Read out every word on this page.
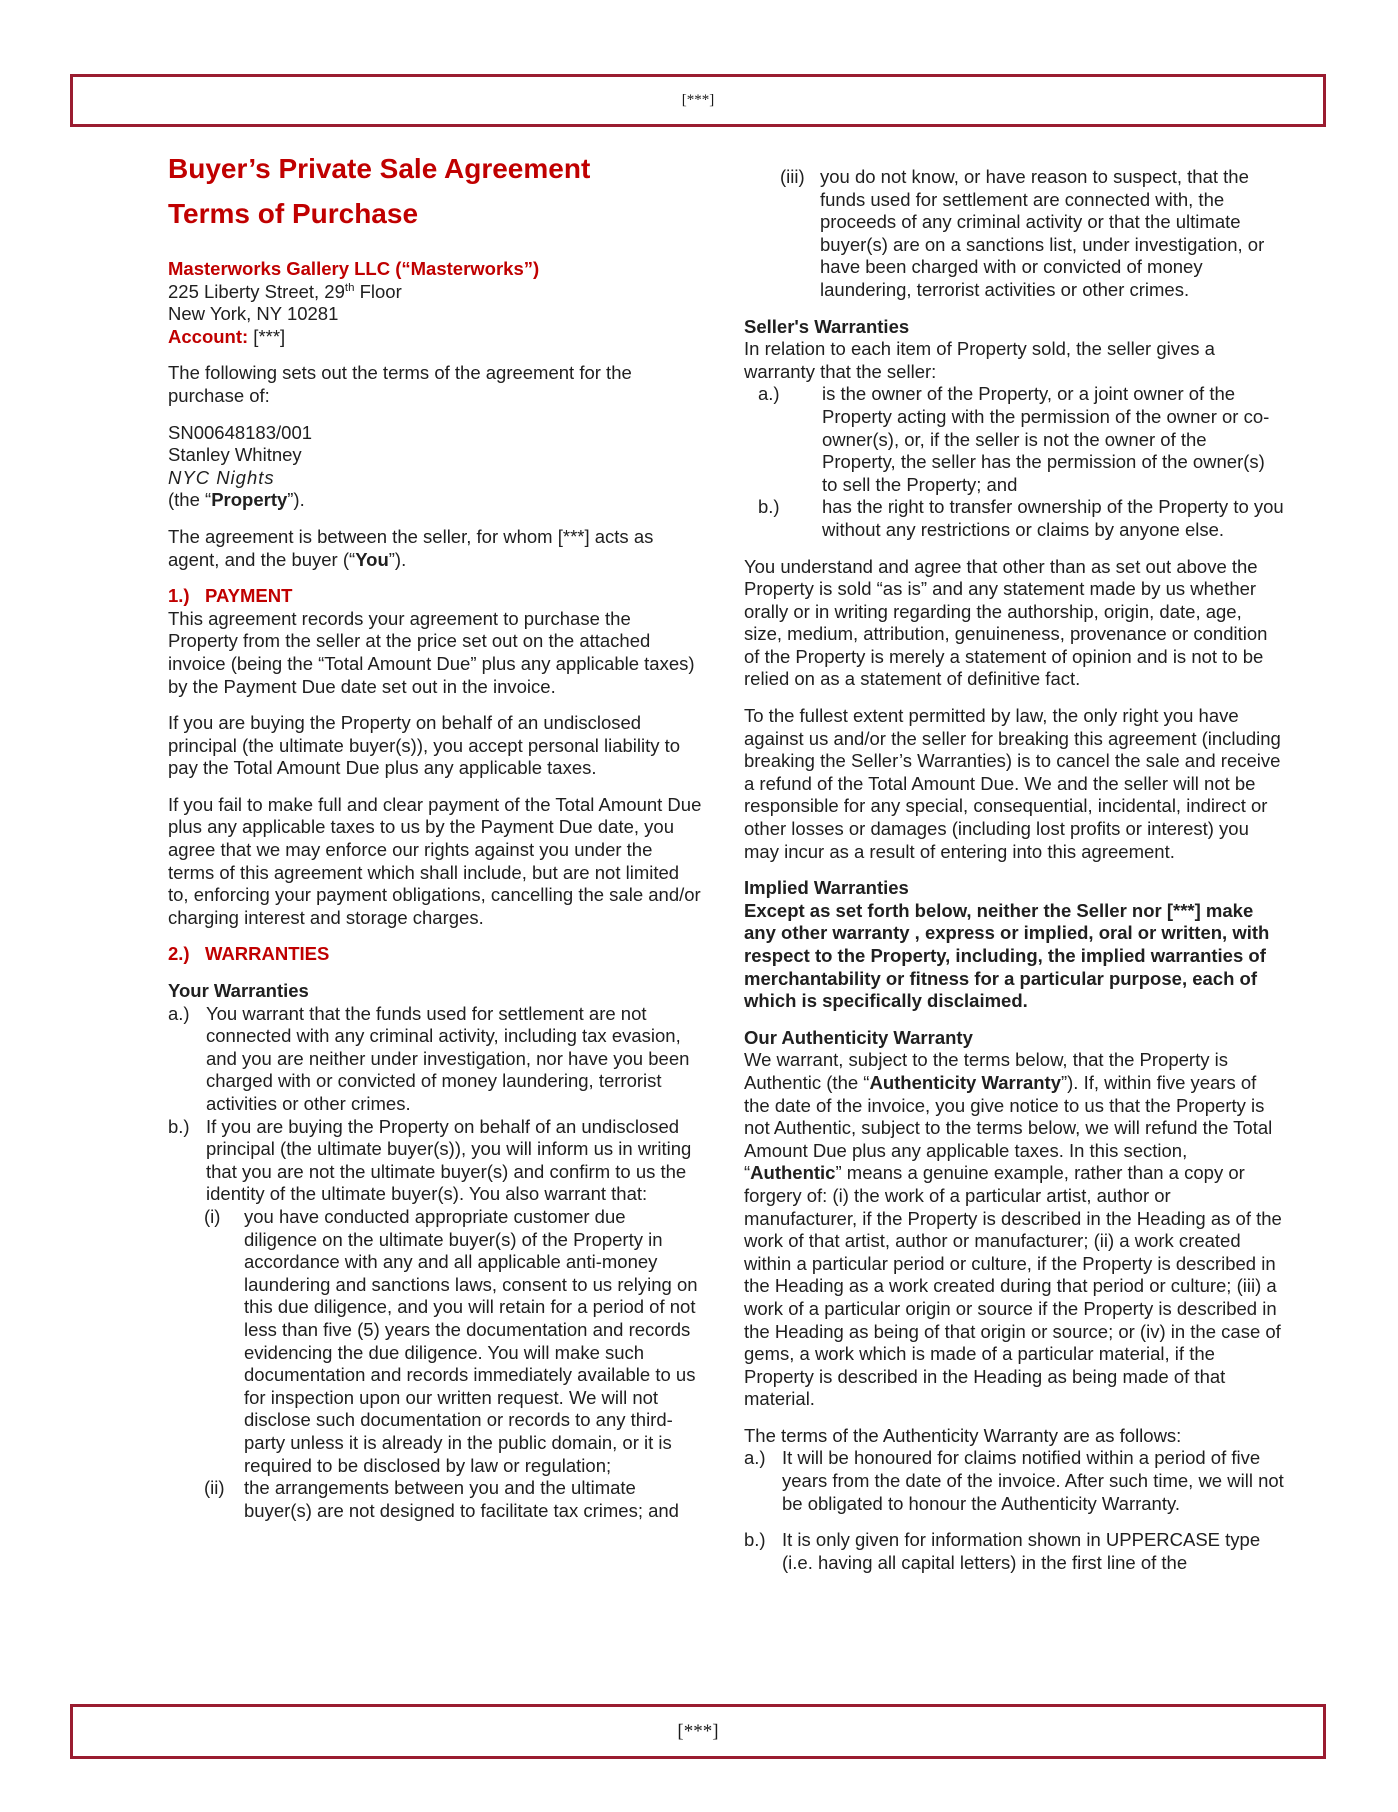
[***]
Buyer’s Private Sale Agreement
Terms of Purchase
Masterworks Gallery LLC (“Masterworks”)
225 Liberty Street, 29th Floor
New York, NY 10281
Account: [***]
The following sets out the terms of the agreement for the purchase of:
SN00648183/001
Stanley Whitney
NYC Nights
(the “Property”).
The agreement is between the seller, for whom [***] acts as agent, and the buyer (“You”).
1.) PAYMENT
This agreement records your agreement to purchase the Property from the seller at the price set out on the attached invoice (being the “Total Amount Due” plus any applicable taxes) by the Payment Due date set out in the invoice.
If you are buying the Property on behalf of an undisclosed principal (the ultimate buyer(s)), you accept personal liability to pay the Total Amount Due plus any applicable taxes.
If you fail to make full and clear payment of the Total Amount Due plus any applicable taxes to us by the Payment Due date, you agree that we may enforce our rights against you under the terms of this agreement which shall include, but are not limited to, enforcing your payment obligations, cancelling the sale and/or charging interest and storage charges.
2.) WARRANTIES
Your Warranties
a.) You warrant that the funds used for settlement are not connected with any criminal activity, including tax evasion, and you are neither under investigation, nor have you been charged with or convicted of money laundering, terrorist activities or other crimes.
b.) If you are buying the Property on behalf of an undisclosed principal (the ultimate buyer(s)), you will inform us in writing that you are not the ultimate buyer(s) and confirm to us the identity of the ultimate buyer(s). You also warrant that:
(i)	you have conducted appropriate customer due diligence on the ultimate buyer(s) of the Property in accordance with any and all applicable anti-money laundering and sanctions laws, consent to us relying on this due diligence, and you will retain for a period of not less than five (5) years the documentation and records evidencing the due diligence. You will make such documentation and records immediately available to us for inspection upon our written request. We will not disclose such documentation or records to any third-party unless it is already in the public domain, or it is required to be disclosed by law or regulation;
(ii)	the arrangements between you and the ultimate buyer(s) are not designed to facilitate tax crimes; and
(iii) you do not know, or have reason to suspect, that the funds used for settlement are connected with, the proceeds of any criminal activity or that the ultimate buyer(s) are on a sanctions list, under investigation, or have been charged with or convicted of money laundering, terrorist activities or other crimes.
Seller's Warranties
In relation to each item of Property sold, the seller gives a warranty that the seller:
a.)	is the owner of the Property, or a joint owner of the Property acting with the permission of the owner or co-owner(s), or, if the seller is not the owner of the Property, the seller has the permission of the owner(s) to sell the Property; and
b.)	has the right to transfer ownership of the Property to you without any restrictions or claims by anyone else.
You understand and agree that other than as set out above the Property is sold “as is” and any statement made by us whether orally or in writing regarding the authorship, origin, date, age, size, medium, attribution, genuineness, provenance or condition of the Property is merely a statement of opinion and is not to be relied on as a statement of definitive fact.
To the fullest extent permitted by law, the only right you have against us and/or the seller for breaking this agreement (including breaking the Seller’s Warranties) is to cancel the sale and receive a refund of the Total Amount Due. We and the seller will not be responsible for any special, consequential, incidental, indirect or other losses or damages (including lost profits or interest) you may incur as a result of entering into this agreement.
Implied Warranties
Except as set forth below, neither the Seller nor [***] make any other warranty , express or implied, oral or written, with respect to the Property, including, the implied warranties of merchantability or fitness for a particular purpose, each of which is specifically disclaimed.
Our Authenticity Warranty
We warrant, subject to the terms below, that the Property is Authentic (the “Authenticity Warranty”). If, within five years of the date of the invoice, you give notice to us that the Property is not Authentic, subject to the terms below, we will refund the Total Amount Due plus any applicable taxes. In this section, “Authentic” means a genuine example, rather than a copy or forgery of: (i) the work of a particular artist, author or manufacturer, if the Property is described in the Heading as of the work of that artist, author or manufacturer; (ii) a work created within a particular period or culture, if the Property is described in the Heading as a work created during that period or culture; (iii) a work of a particular origin or source if the Property is described in the Heading as being of that origin or source; or (iv) in the case of gems, a work which is made of a particular material, if the Property is described in the Heading as being made of that material.
The terms of the Authenticity Warranty are as follows:
a.) It will be honoured for claims notified within a period of five years from the date of the invoice. After such time, we will not be obligated to honour the Authenticity Warranty.
b.) It is only given for information shown in UPPERCASE type (i.e. having all capital letters) in the first line of the
[***]
